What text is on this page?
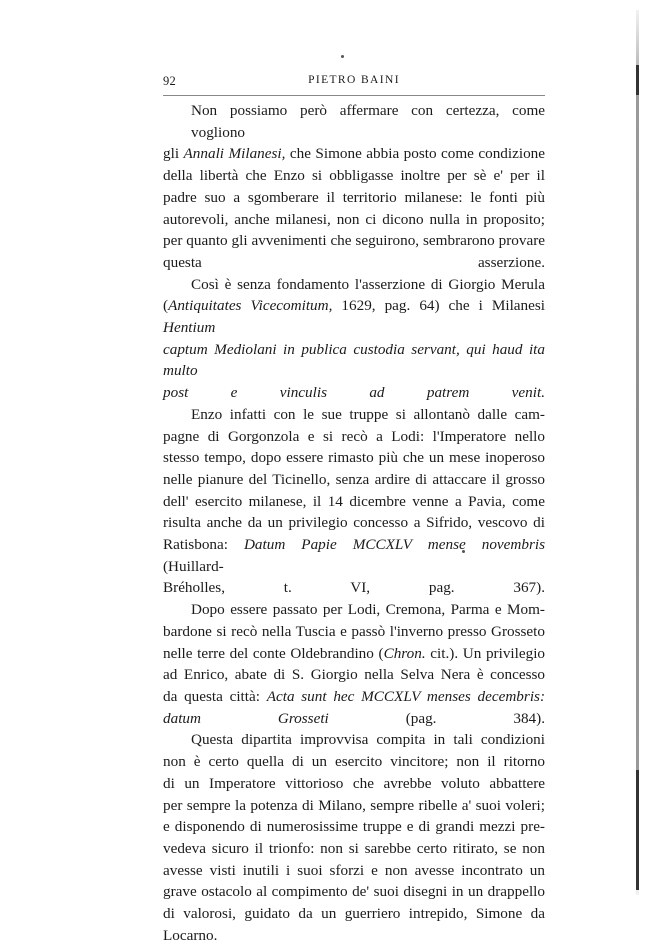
92	PIETRO BAINI
Non possiamo però affermare con certezza, come vogliono
gli Annali Milanesi, che Simone abbia posto come condizione
della libertà che Enzo si obbligasse inoltre per sè e' per il
padre suo a sgomberare il territorio milanese: le fonti più
autorevoli, anche milanesi, non ci dicono nulla in proposito;
per quanto gli avvenimenti che seguirono, sembrarono provare
questa asserzione.
Così è senza fondamento l'asserzione di Giorgio Merula
(Antiquitates Vicecomitum, 1629, pag. 64) che i Milanesi Hentium
captum Mediolani in publica custodia servant, qui haud ita multo
post e vinculis ad patrem venit.
Enzo infatti con le sue truppe si allontanò dalle cam-
pagne di Gorgonzola e si recò a Lodi: l'Imperatore nello
stesso tempo, dopo essere rimasto più che un mese inoperoso
nelle pianure del Ticinello, senza ardire di attaccare il grosso
dell' esercito milanese, il 14 dicembre venne a Pavia, come
risulta anche da un privilegio concesso a Sifrido, vescovo di
Ratisbona: Datum Papie MCCXLV mense novembris (Huillard-
Bréholles, t. VI, pag. 367).
Dopo essere passato per Lodi, Cremona, Parma e Mom-
bardone si recò nella Tuscia e passò l'inverno presso Grosseto
nelle terre del conte Oldebrandino (Chron. cit.). Un privilegio
ad Enrico, abate di S. Giorgio nella Selva Nera è concesso
da questa città: Acta sunt hec MCCXLV menses decembris:
datum Grosseti	(pag. 384).
Questa dipartita improvvisa compita in tali condizioni
non è certo quella di un esercito vincitore; non il ritorno
di un Imperatore vittorioso che avrebbe voluto abbattere
per sempre la potenza di Milano, sempre ribelle a' suoi voleri;
e disponendo di numerosissime truppe e di grandi mezzi pre-
vedeva sicuro il trionfo: non si sarebbe certo ritirato, se non
avesse visti inutili i suoi sforzi e non avesse incontrato un
grave ostacolo al compimento de' suoi disegni in un drappello
di valorosi, guidato da un guerriero intrepido, Simone da
Locarno.
